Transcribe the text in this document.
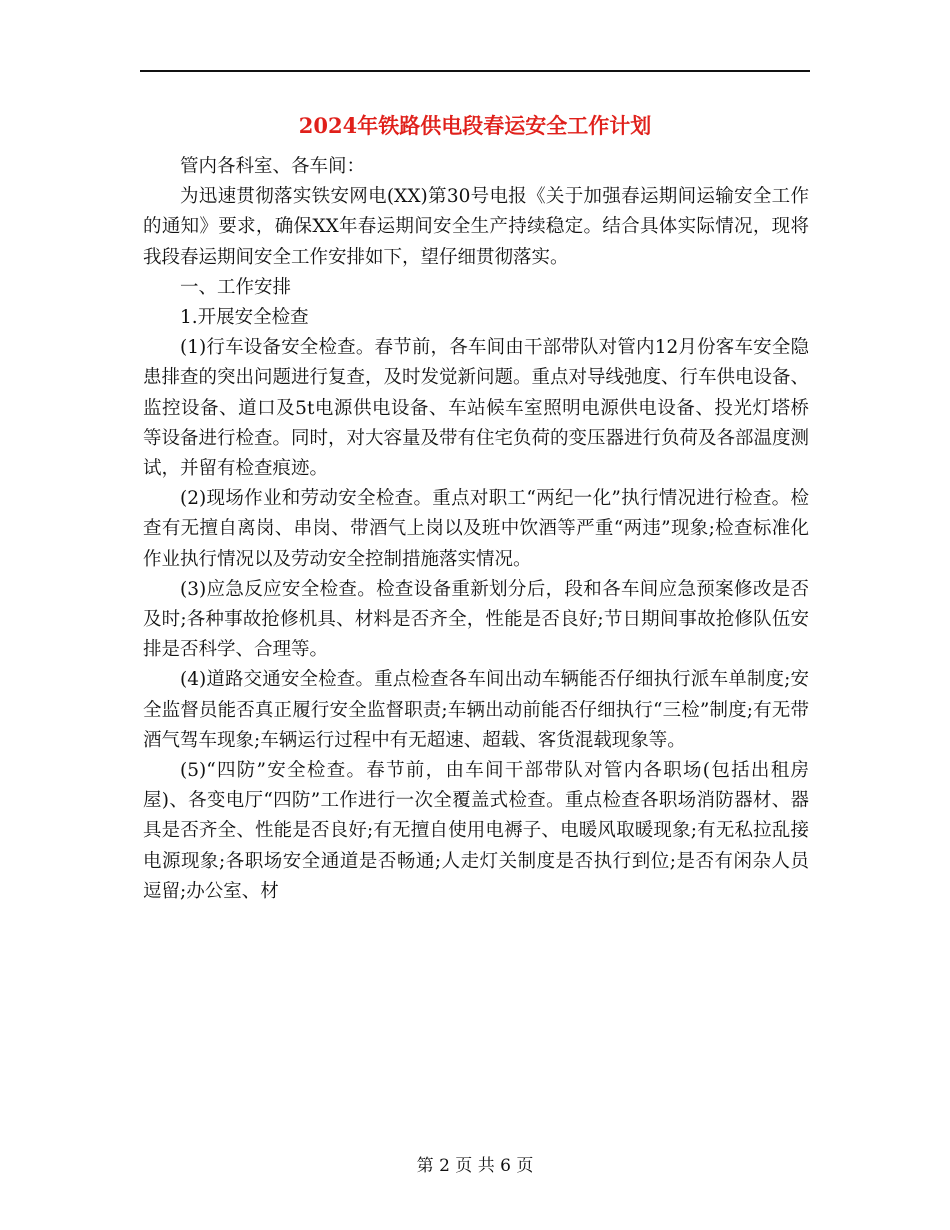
2024年铁路供电段春运安全工作计划

管内各科室、各车间：

为迅速贯彻落实铁安网电(XX)第30号电报《关于加强春运期间运输安全工作的通知》要求，确保XX年春运期间安全生产持续稳定。结合具体实际情况，现将我段春运期间安全工作安排如下，望仔细贯彻落实。

一、工作安排

1.开展安全检查

(1)行车设备安全检查。春节前，各车间由干部带队对管内12月份客车安全隐患排查的突出问题进行复查，及时发觉新问题。重点对导线弛度、行车供电设备、监控设备、道口及5t电源供电设备、车站候车室照明电源供电设备、投光灯塔桥等设备进行检查。同时，对大容量及带有住宅负荷的变压器进行负荷及各部温度测试，并留有检查痕迹。

(2)现场作业和劳动安全检查。重点对职工“两纪一化”执行情况进行检查。检查有无擅自离岗、串岗、带酒气上岗以及班中饮酒等严重“两违”现象;检查标准化作业执行情况以及劳动安全控制措施落实情况。

(3)应急反应安全检查。检查设备重新划分后，段和各车间应急预案修改是否及时;各种事故抢修机具、材料是否齐全，性能是否良好;节日期间事故抢修队伍安排是否科学、合理等。

(4)道路交通安全检查。重点检查各车间出动车辆能否仔细执行派车单制度;安全监督员能否真正履行安全监督职责;车辆出动前能否仔细执行“三检”制度;有无带酒气驾车现象;车辆运行过程中有无超速、超载、客货混载现象等。

(5)“四防”安全检查。春节前，由车间干部带队对管内各职场(包括出租房屋)、各变电厅“四防”工作进行一次全覆盖式检查。重点检查各职场消防器材、器具是否齐全、性能是否良好;有无擅自使用电褥子、电暖风取暖现象;有无私拉乱接电源现象;各职场安全通道是否畅通;人走灯关制度是否执行到位;是否有闲杂人员逗留;办公室、材

第 2 页 共 6 页
